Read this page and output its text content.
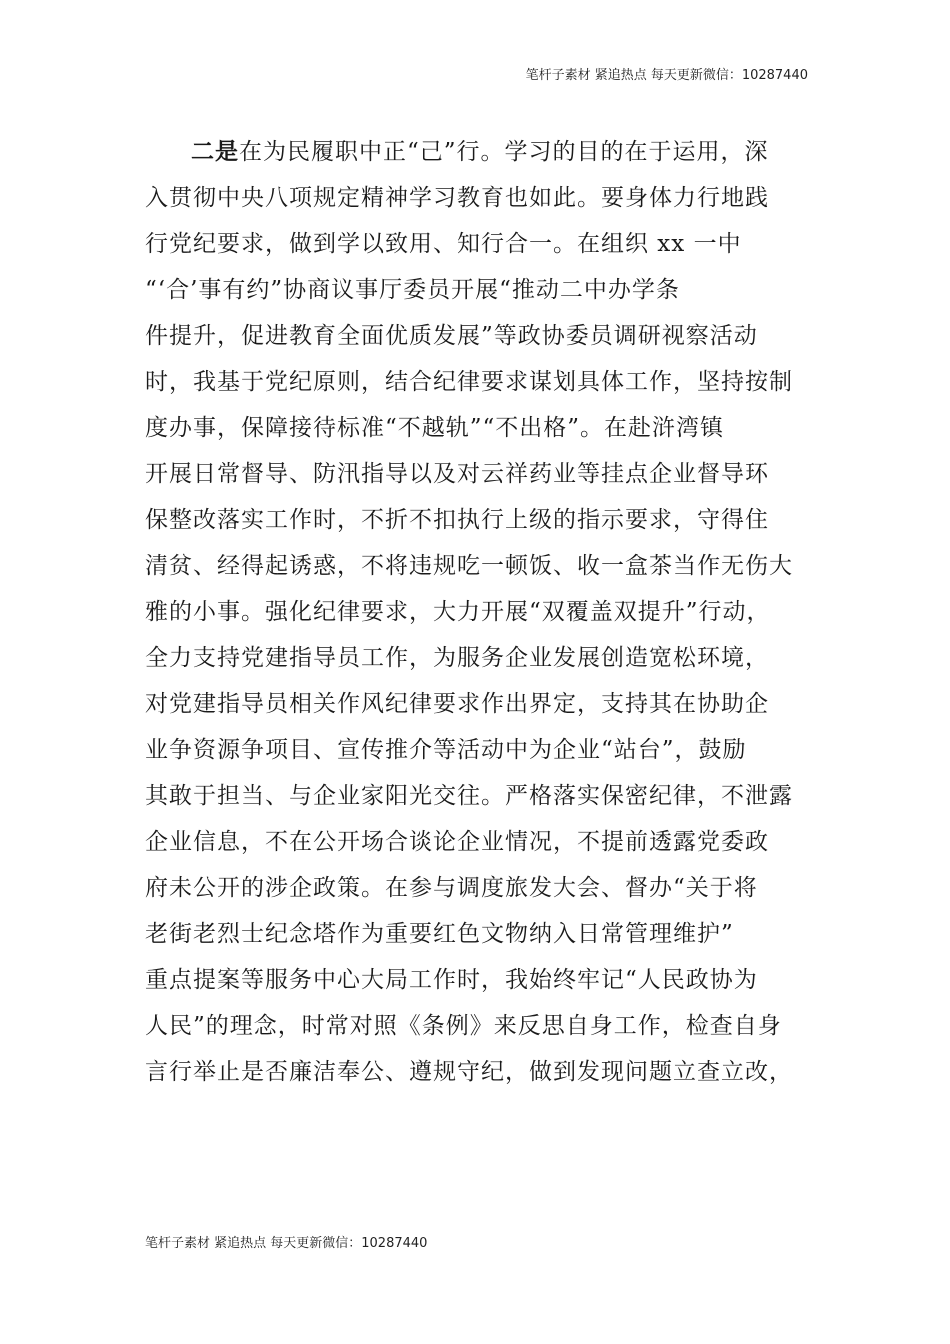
笔杆子素材 紧追热点 每天更新微信：10287440
二是在为民履职中正“己”行。学习的目的在于运用，深
入贯彻中央八项规定精神学习教育也如此。要身体力行地践
行党纪要求，做到学以致用、知行合一。在组织 xx 一中
“‘合’事有约”协商议事厅委员开展“推动二中办学条
件提升，促进教育全面优质发展”等政协委员调研视察活动
时，我基于党纪原则，结合纪律要求谋划具体工作，坚持按制
度办事，保障接待标准“不越轨”“不出格”。在赴浒湾镇
开展日常督导、防汛指导以及对云祥药业等挂点企业督导环
保整改落实工作时，不折不扣执行上级的指示要求，守得住
清贫、经得起诱惑，不将违规吃一顿饭、收一盒茶当作无伤大
雅的小事。强化纪律要求，大力开展“双覆盖双提升”行动，
全力支持党建指导员工作，为服务企业发展创造宽松环境，
对党建指导员相关作风纪律要求作出界定，支持其在协助企
业争资源争项目、宣传推介等活动中为企业“站台”，鼓励
其敢于担当、与企业家阳光交往。严格落实保密纪律，不泄露
企业信息，不在公开场合谈论企业情况，不提前透露党委政
府未公开的涉企政策。在参与调度旅发大会、督办“关于将
老街老烈士纪念塔作为重要红色文物纳入日常管理维护”
重点提案等服务中心大局工作时，我始终牢记“人民政协为
人民”的理念，时常对照《条例》来反思自身工作，检查自身
言行举止是否廉洁奉公、遵规守纪，做到发现问题立查立改，
笔杆子素材 紧追热点 每天更新微信：10287440
